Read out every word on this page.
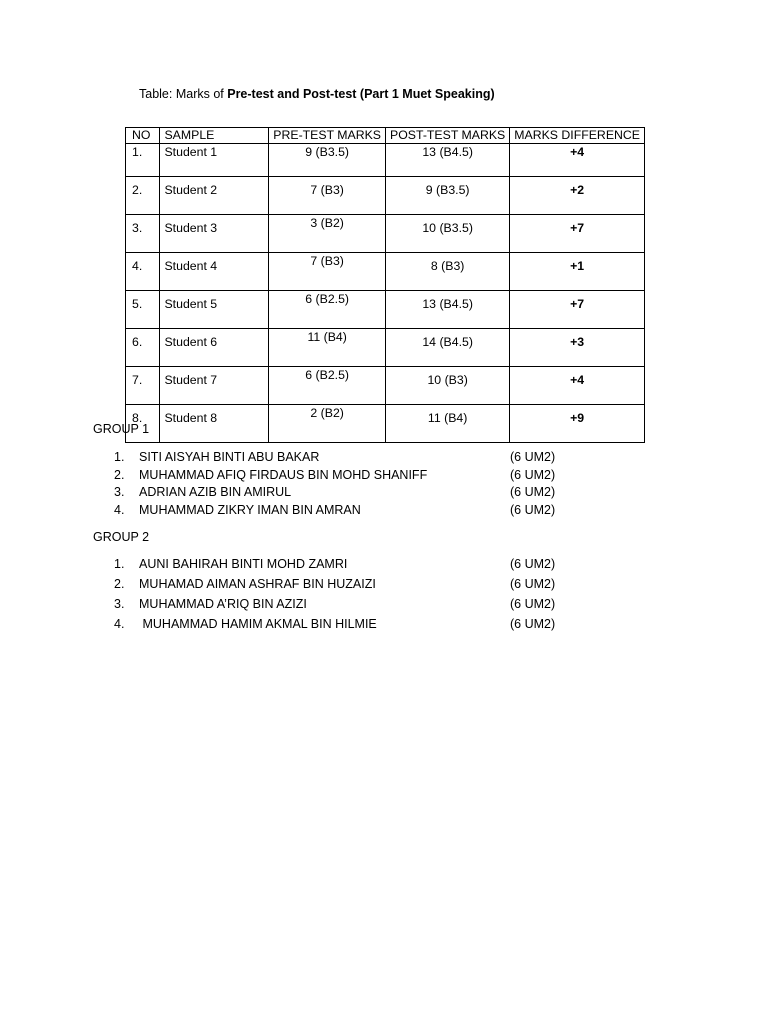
Table: Marks of Pre-test and Post-test (Part 1 Muet Speaking)
NO	SAMPLE	PRE-TEST MARKS	POST-TEST MARKS	MARKS DIFFERENCE
1.	Student 1	9 (B3.5)	13 (B4.5)	+4
2.	Student 2	7 (B3)	9 (B3.5)	+2
3.	Student 3	3 (B2)	10 (B3.5)	+7
4.	Student 4	7 (B3)	8 (B3)	+1
5.	Student 5	6 (B2.5)	13 (B4.5)	+7
6.	Student 6	11 (B4)	14 (B4.5)	+3
7.	Student 7	6 (B2.5)	10 (B3)	+4
8.	Student 8	2 (B2)	11 (B4)	+9
GROUP 1
1. SITI AISYAH BINTI ABU BAKAR	(6 UM2)
2. MUHAMMAD AFIQ FIRDAUS BIN MOHD SHANIFF	(6 UM2)
3. ADRIAN AZIB BIN AMIRUL	(6 UM2)
4. MUHAMMAD ZIKRY IMAN BIN AMRAN	(6 UM2)
GROUP 2
1. AUNI BAHIRAH BINTI MOHD ZAMRI	(6 UM2)
2. MUHAMAD AIMAN ASHRAF BIN HUZAIZI	(6 UM2)
3. MUHAMMAD A’RIQ BIN AZIZI	(6 UM2)
4. MUHAMMAD HAMIM AKMAL BIN HILMIE	(6 UM2)
